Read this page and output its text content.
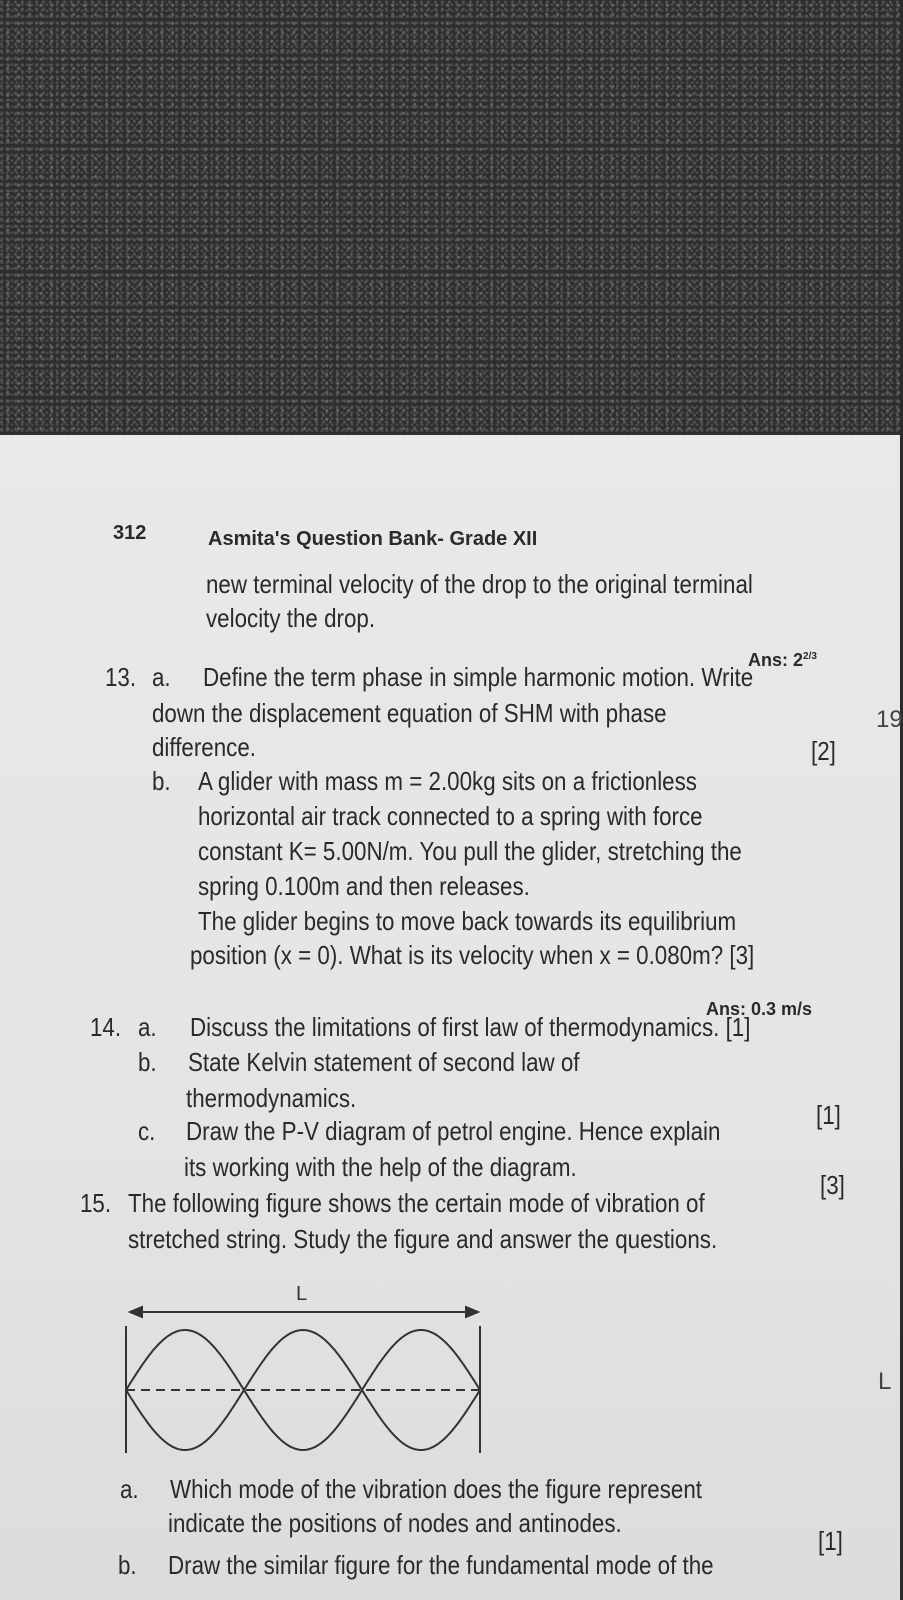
312	Asmita's Question Bank- Grade XII
new terminal velocity of the drop to the original terminal
velocity the drop.
Ans: $2^{2/3}$
13. a. Define the term phase in simple harmonic motion. Write
down the displacement equation of SHM with phase
difference.	[2]
b. A glider with mass m = 2.00kg sits on a frictionless
horizontal air track connected to a spring with force
constant K= 5.00N/m. You pull the glider, stretching the
spring 0.100m and then releases.
The glider begins to move back towards its equilibrium
position (x = 0). What is its velocity when x = 0.080m? [3]
Ans: 0.3 m/s
14. a. Discuss the limitations of first law of thermodynamics. [1]
b. State Kelvin statement of second law of
thermodynamics.
[1]
c. Draw the P-V diagram of petrol engine. Hence explain
its working with the help of the diagram.
[3]
15. The following figure shows the certain mode of vibration of
stretched string. Study the figure and answer the questions.
L
a. Which mode of the vibration does the figure represent
indicate the positions of nodes and antinodes.
[1]
b. Draw the similar figure for the fundamental mode of the
19
L
